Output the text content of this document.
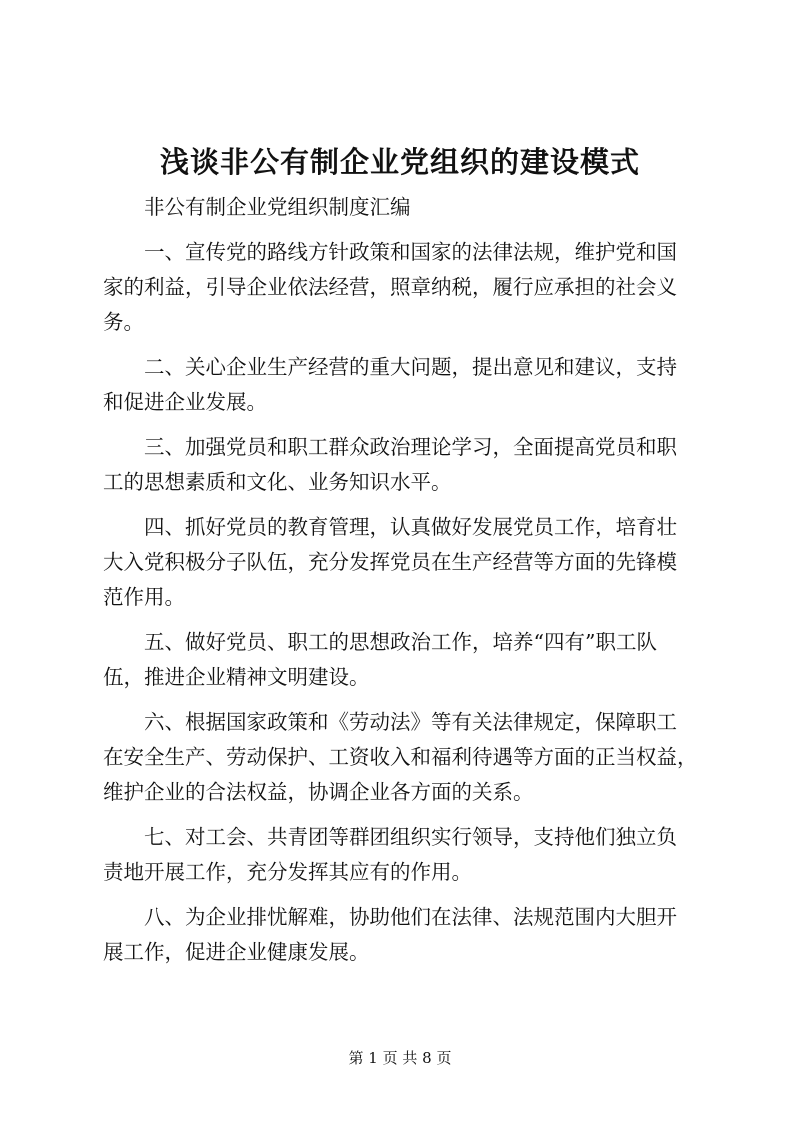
浅谈非公有制企业党组织的建设模式
非公有制企业党组织制度汇编
一、宣传党的路线方针政策和国家的法律法规，维护党和国
家的利益，引导企业依法经营，照章纳税，履行应承担的社会义
务。
二、关心企业生产经营的重大问题，提出意见和建议，支持
和促进企业发展。
三、加强党员和职工群众政治理论学习，全面提高党员和职
工的思想素质和文化、业务知识水平。
四、抓好党员的教育管理，认真做好发展党员工作，培育壮
大入党积极分子队伍，充分发挥党员在生产经营等方面的先锋模
范作用。
五、做好党员、职工的思想政治工作，培养“四有”职工队
伍，推进企业精神文明建设。
六、根据国家政策和《劳动法》等有关法律规定，保障职工
在安全生产、劳动保护、工资收入和福利待遇等方面的正当权益，
维护企业的合法权益，协调企业各方面的关系。
七、对工会、共青团等群团组织实行领导，支持他们独立负
责地开展工作，充分发挥其应有的作用。
八、为企业排忧解难，协助他们在法律、法规范围内大胆开
展工作，促进企业健康发展。
第 1 页 共 8 页
